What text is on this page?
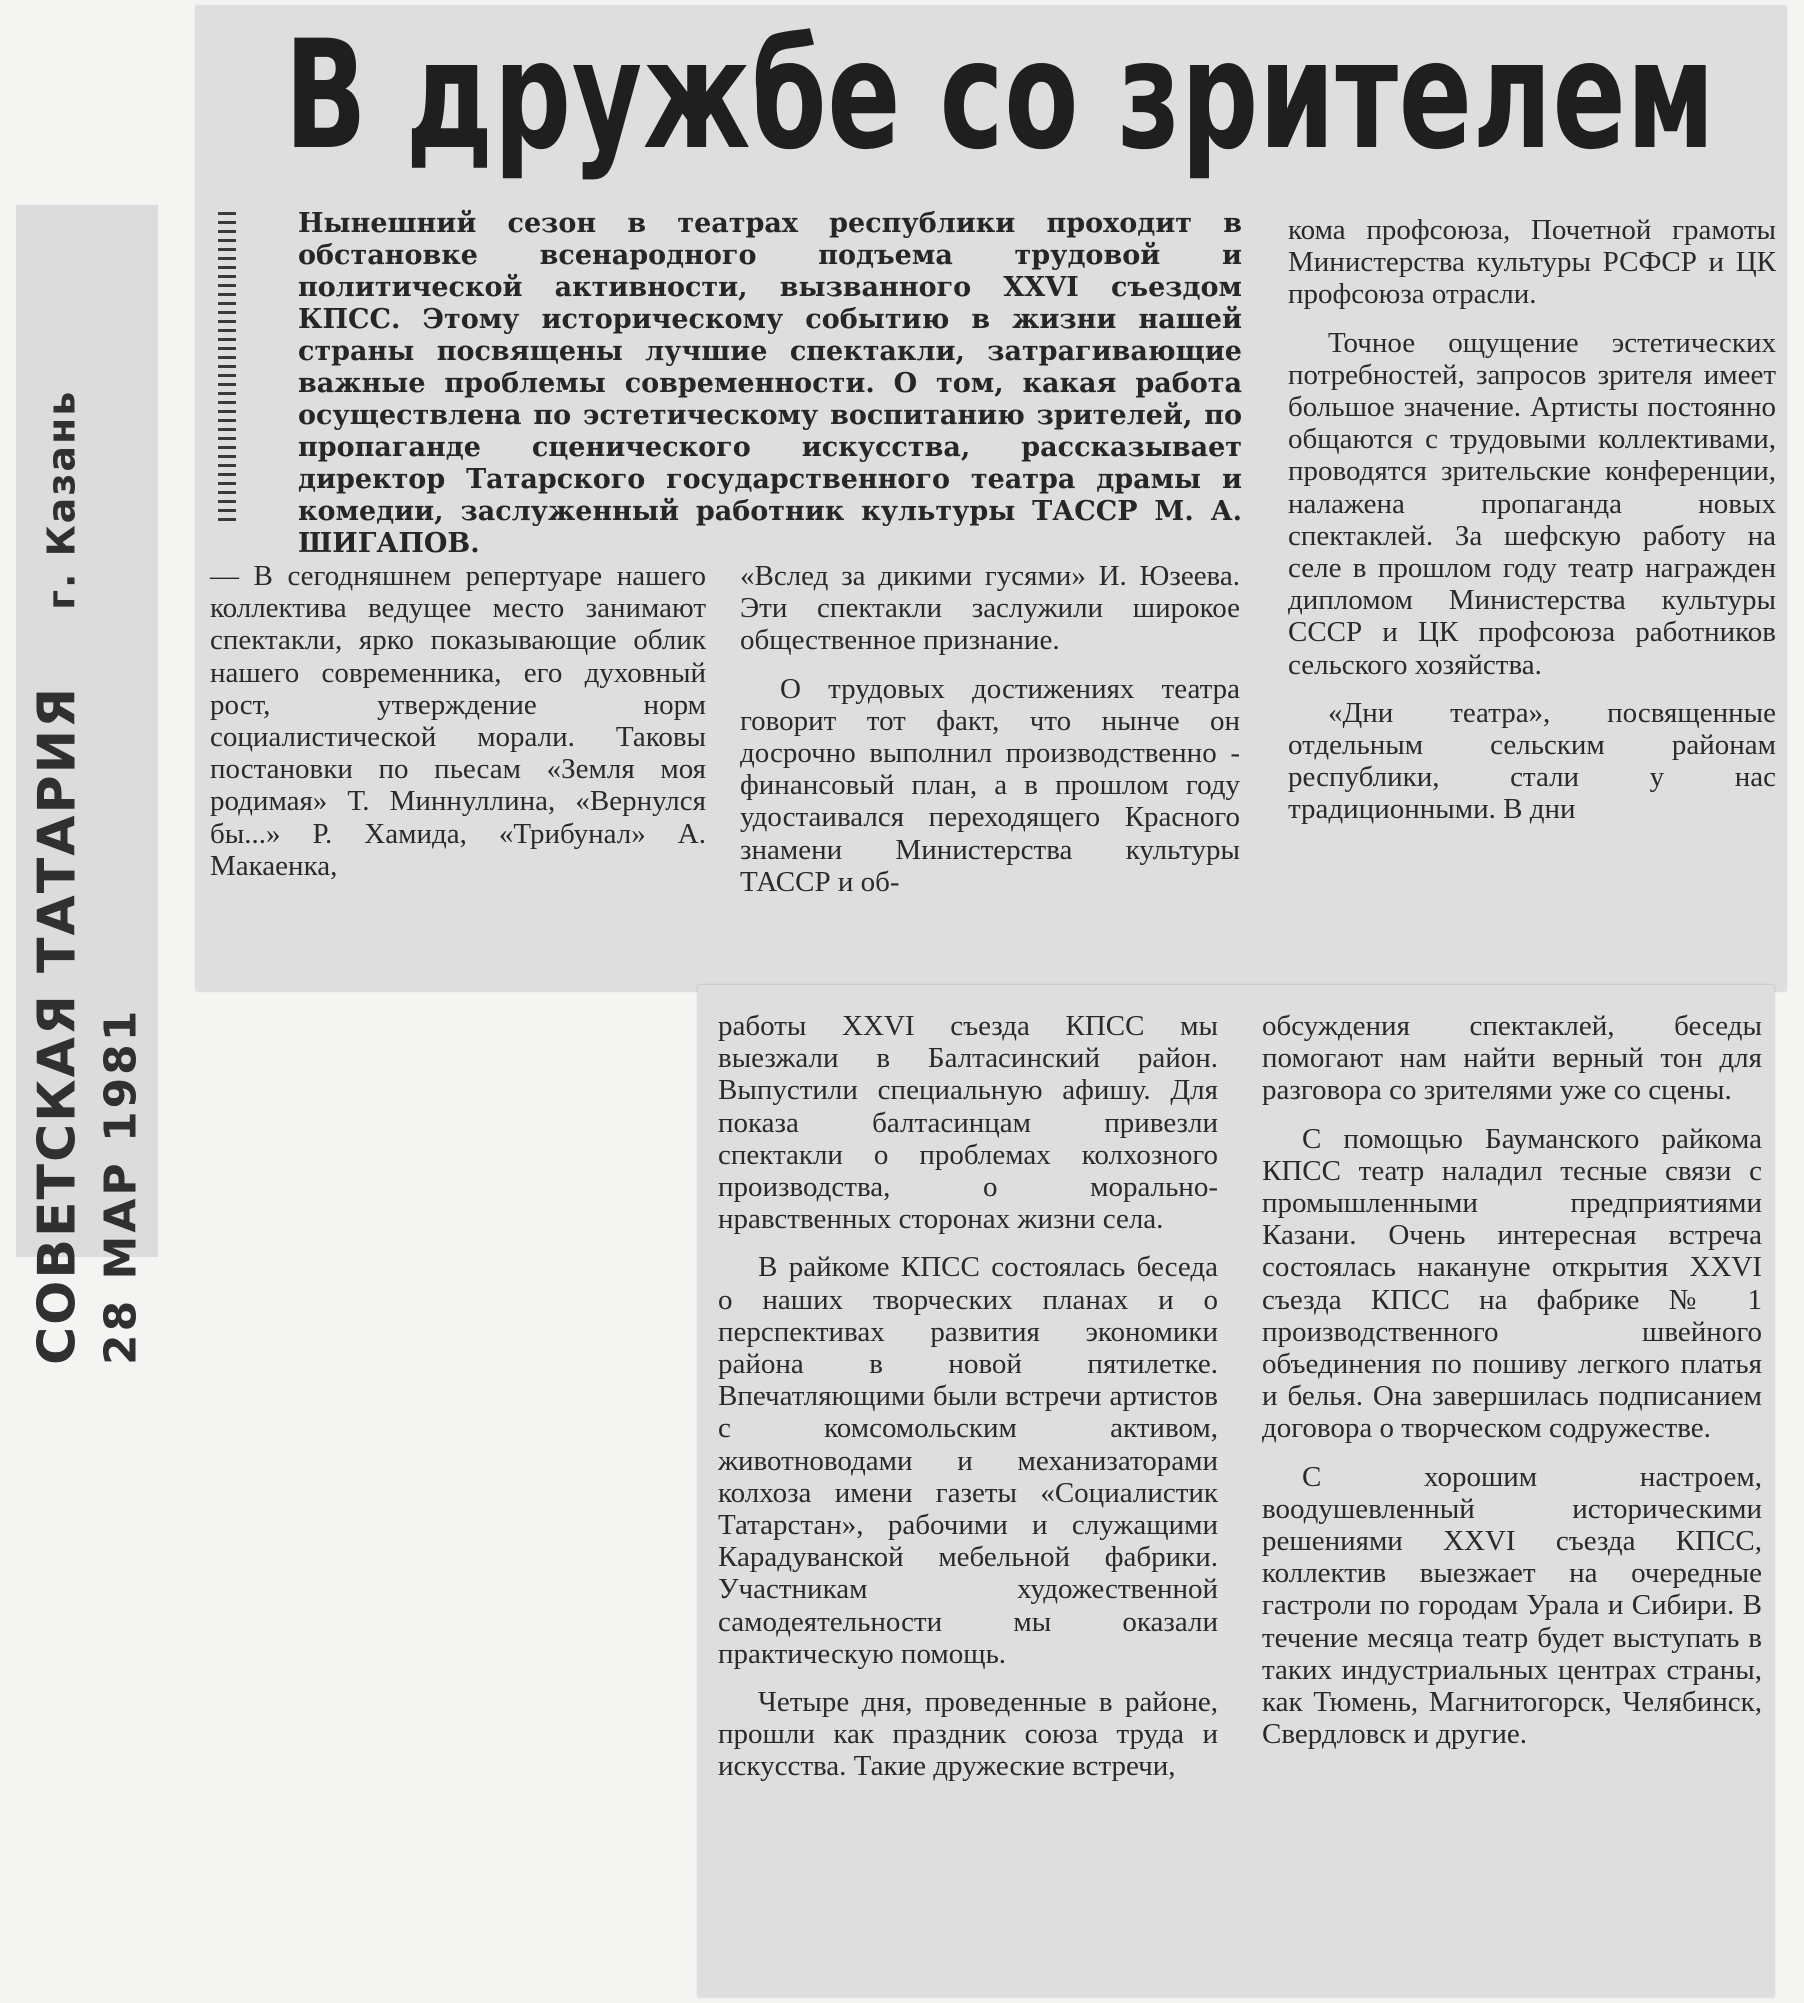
СОВЕТСКАЯ ТАТАРИЯ г. Казань
28 МАР 1981
В дружбе со зрителем

Нынешний сезон в театрах республики проходит в обстановке всенародного подъема трудовой и политической активности, вызванного XXVI съездом КПСС. Этому историческому событию в жизни нашей страны посвящены лучшие спектакли, затрагивающие важные проблемы современности. О том, какая работа осуществлена по эстетическому воспитанию зрителей, по пропаганде сценического искусства, рассказывает директор Татарского государственного театра драмы и комедии, заслуженный работник культуры ТАССР М. А. ШИГАПОВ.

— В сегодняшнем репертуаре нашего коллектива ведущее место занимают спектакли, ярко показывающие облик нашего современника, его духовный рост, утверждение норм социалистической морали. Таковы постановки по пьесам «Земля моя родимая» Т. Миннуллина, «Вернулся бы...» Р. Хамида, «Трибунал» А. Макаенка,

«Вслед за дикими гусями» И. Юзеева. Эти спектакли заслужили широкое общественное признание.

О трудовых достижениях театра говорит тот факт, что нынче он досрочно выполнил производственно - финансовый план, а в прошлом году удостаивался переходящего Красного знамени Министерства культуры ТАССР и об-

кома профсоюза, Почетной грамоты Министерства культуры РСФСР и ЦК профсоюза отрасли.

Точное ощущение эстетических потребностей, запросов зрителя имеет большое значение. Артисты постоянно общаются с трудовыми коллективами, проводятся зрительские конференции, налажена пропаганда новых спектаклей. За шефскую работу на селе в прошлом году театр награжден дипломом Министерства культуры СССР и ЦК профсоюза работников сельского хозяйства.

«Дни театра», посвященные отдельным сельским районам республики, стали у нас традиционными. В дни

работы XXVI съезда КПСС мы выезжали в Балтасинский район. Выпустили специальную афишу. Для показа балтасинцам привезли спектакли о проблемах колхозного производства, о морально-нравственных сторонах жизни села.

В райкоме КПСС состоялась беседа о наших творческих планах и о перспективах развития экономики района в новой пятилетке. Впечатляющими были встречи артистов с комсомольским активом, животноводами и механизаторами колхоза имени газеты «Социалистик Татарстан», рабочими и служащими Карадуванской мебельной фабрики. Участникам художественной самодеятельности мы оказали практическую помощь.

Четыре дня, проведенные в районе, прошли как праздник союза труда и искусства. Такие дружеские встречи,

обсуждения спектаклей, беседы помогают нам найти верный тон для разговора со зрителями уже со сцены.

С помощью Бауманского райкома КПСС театр наладил тесные связи с промышленными предприятиями Казани. Очень интересная встреча состоялась накануне открытия XXVI съезда КПСС на фабрике № 1 производственного швейного объединения по пошиву легкого платья и белья. Она завершилась подписанием договора о творческом содружестве.

С хорошим настроем, воодушевленный историческими решениями XXVI съезда КПСС, коллектив выезжает на очередные гастроли по городам Урала и Сибири. В течение месяца театр будет выступать в таких индустриальных центрах страны, как Тюмень, Магнитогорск, Челябинск, Свердловск и другие.
